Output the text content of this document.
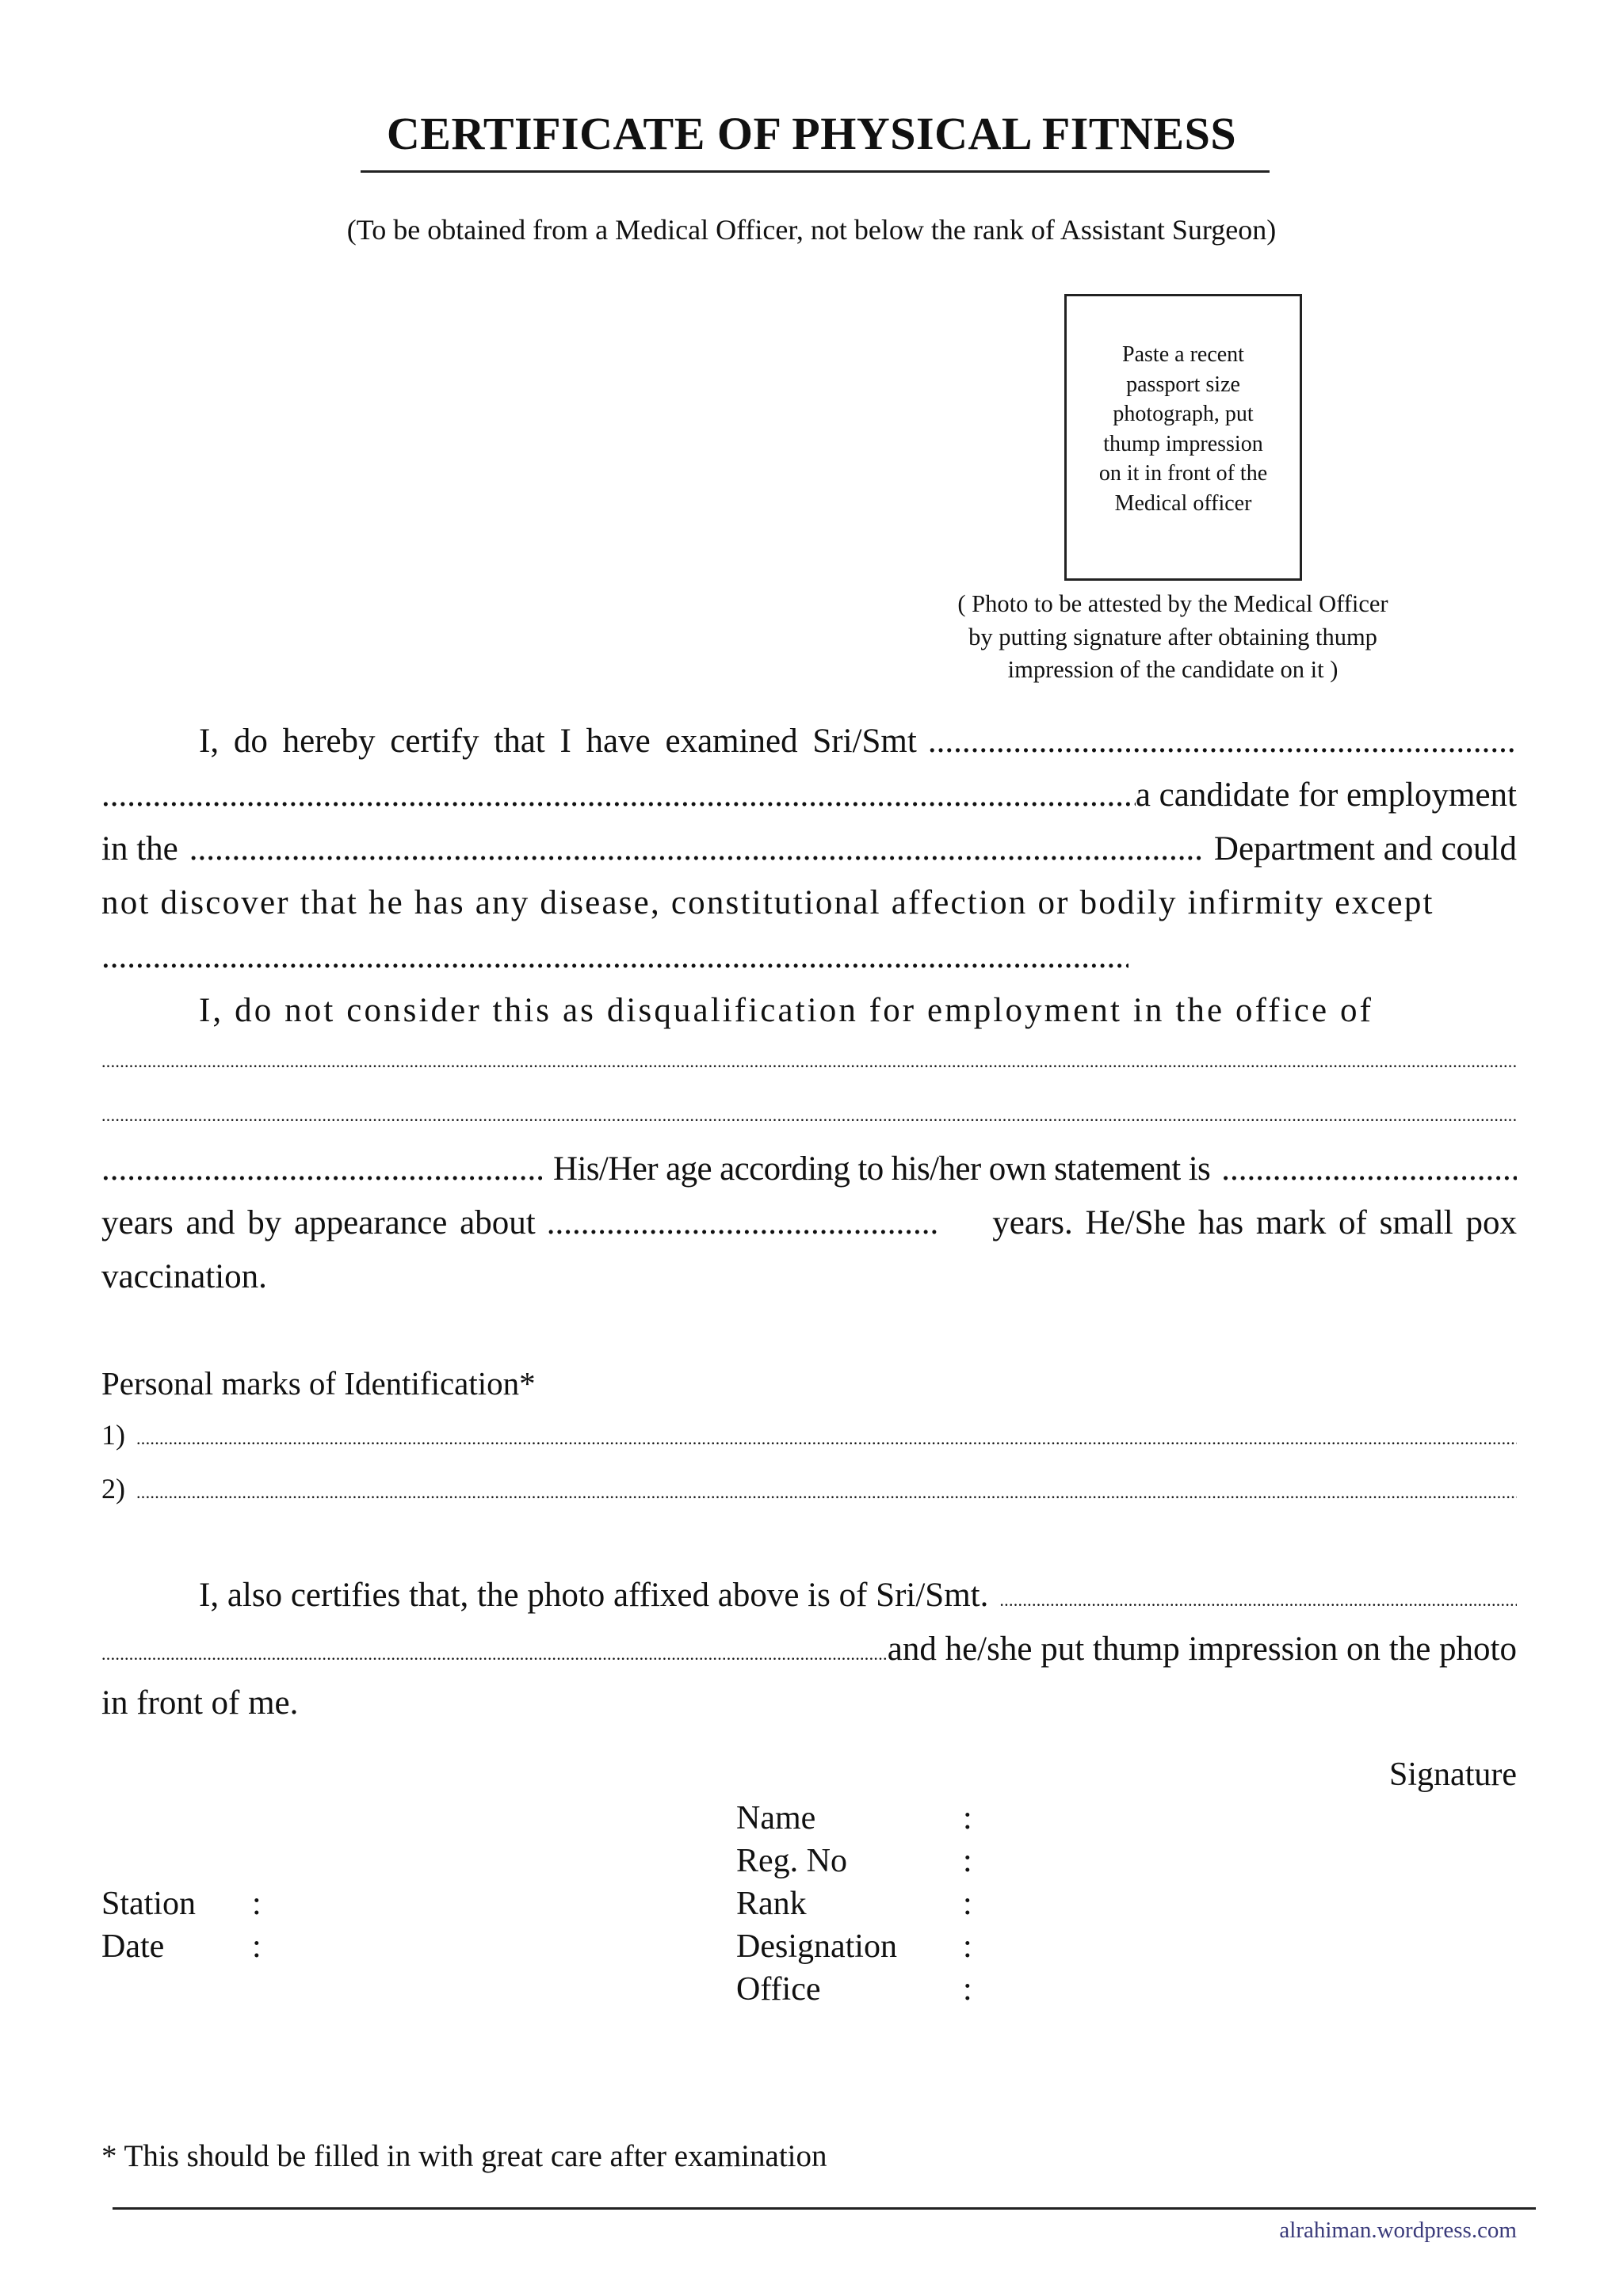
CERTIFICATE OF PHYSICAL FITNESS
(To be obtained from a Medical Officer, not below the rank of Assistant Surgeon)
Paste a recent
passport size
photograph, put
thump impression
on it in front of the
Medical officer
( Photo to be attested by the Medical Officer
by putting signature after obtaining thump
impression of the candidate on it )
I, do hereby certify that I have examined Sri/Smt
.....
.....
a candidate for employment
in the .....	Department and could
not discover that he has any disease, constitutional affection or bodily infirmity except
.....
I, do not consider this as disqualification for employment in the office of
.....
.....
.....
His/Her age according to his/her own statement is
.....
years and by appearance about .....	years. He/She has mark of small pox
vaccination.
Personal marks of Identification*
1)
.....
2)
.....
I, also certifies that, the photo affixed above is of Sri/Smt.
.....
.....
and he/she put thump impression on the photo
in front of me.
Signature
Name	:
Reg. No	:
Rank	:
Designation :
Office	:
Station :
Date	:
* This should be filled in with great care after examination
alrahiman.wordpress.com
